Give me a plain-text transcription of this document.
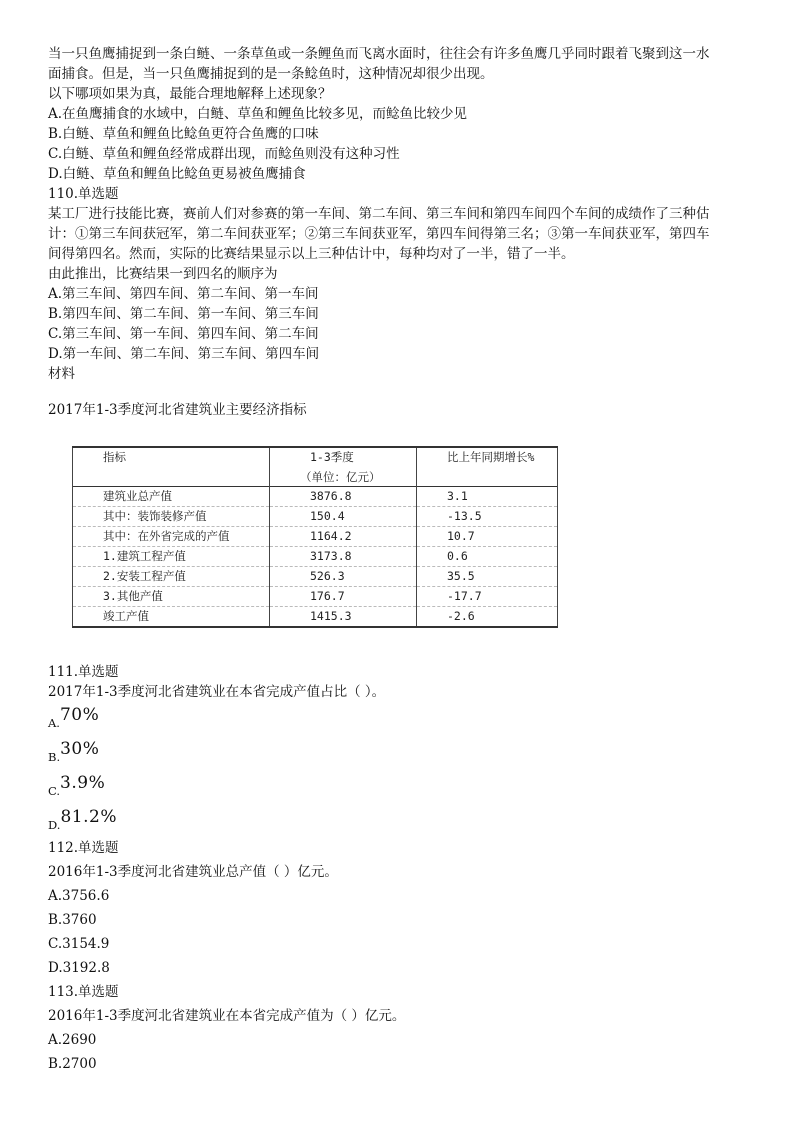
当一只鱼鹰捕捉到一条白鲢、一条草鱼或一条鲤鱼而飞离水面时，往往会有许多鱼鹰几乎同时跟着飞聚到这一水

面捕食。但是，当一只鱼鹰捕捉到的是一条鲶鱼时，这种情况却很少出现。

以下哪项如果为真，最能合理地解释上述现象？

A.在鱼鹰捕食的水域中，白鲢、草鱼和鲤鱼比较多见，而鲶鱼比较少见

B.白鲢、草鱼和鲤鱼比鲶鱼更符合鱼鹰的口味

C.白鲢、草鱼和鲤鱼经常成群出现，而鲶鱼则没有这种习性

D.白鲢、草鱼和鲤鱼比鲶鱼更易被鱼鹰捕食

110.单选题

某工厂进行技能比赛，赛前人们对参赛的第一车间、第二车间、第三车间和第四车间四个车间的成绩作了三种估

计：①第三车间获冠军，第二车间获亚军；②第三车间获亚军，第四车间得第三名；③第一车间获亚军，第四车

间得第四名。然而，实际的比赛结果显示以上三种估计中，每种均对了一半，错了一半。

由此推出，比赛结果一到四名的顺序为

A.第三车间、第四车间、第二车间、第一车间

B.第四车间、第二车间、第一车间、第三车间

C.第三车间、第一车间、第四车间、第二车间

D.第一车间、第二车间、第三车间、第四车间

材料

2017年1-3季度河北省建筑业主要经济指标

指标	1-3季度	比上年同期增长%
	（单位：亿元）	
建筑业总产值	3876.8	3.1
其中：装饰装修产值	150.4	-13.5
其中：在外省完成的产值	1164.2	10.7
1.建筑工程产值	3173.8	0.6
2.安装工程产值	526.3	35.5
3.其他产值	176.7	-17.7
竣工产值	1415.3	-2.6

111.单选题

2017年1-3季度河北省建筑业在本省完成产值占比（ ）。

A.70%

B.30%

C.3.9%

D.81.2%

112.单选题

2016年1-3季度河北省建筑业总产值（ ）亿元。

A.3756.6

B.3760

C.3154.9

D.3192.8

113.单选题

2016年1-3季度河北省建筑业在本省完成产值为（ ）亿元。

A.2690

B.2700
